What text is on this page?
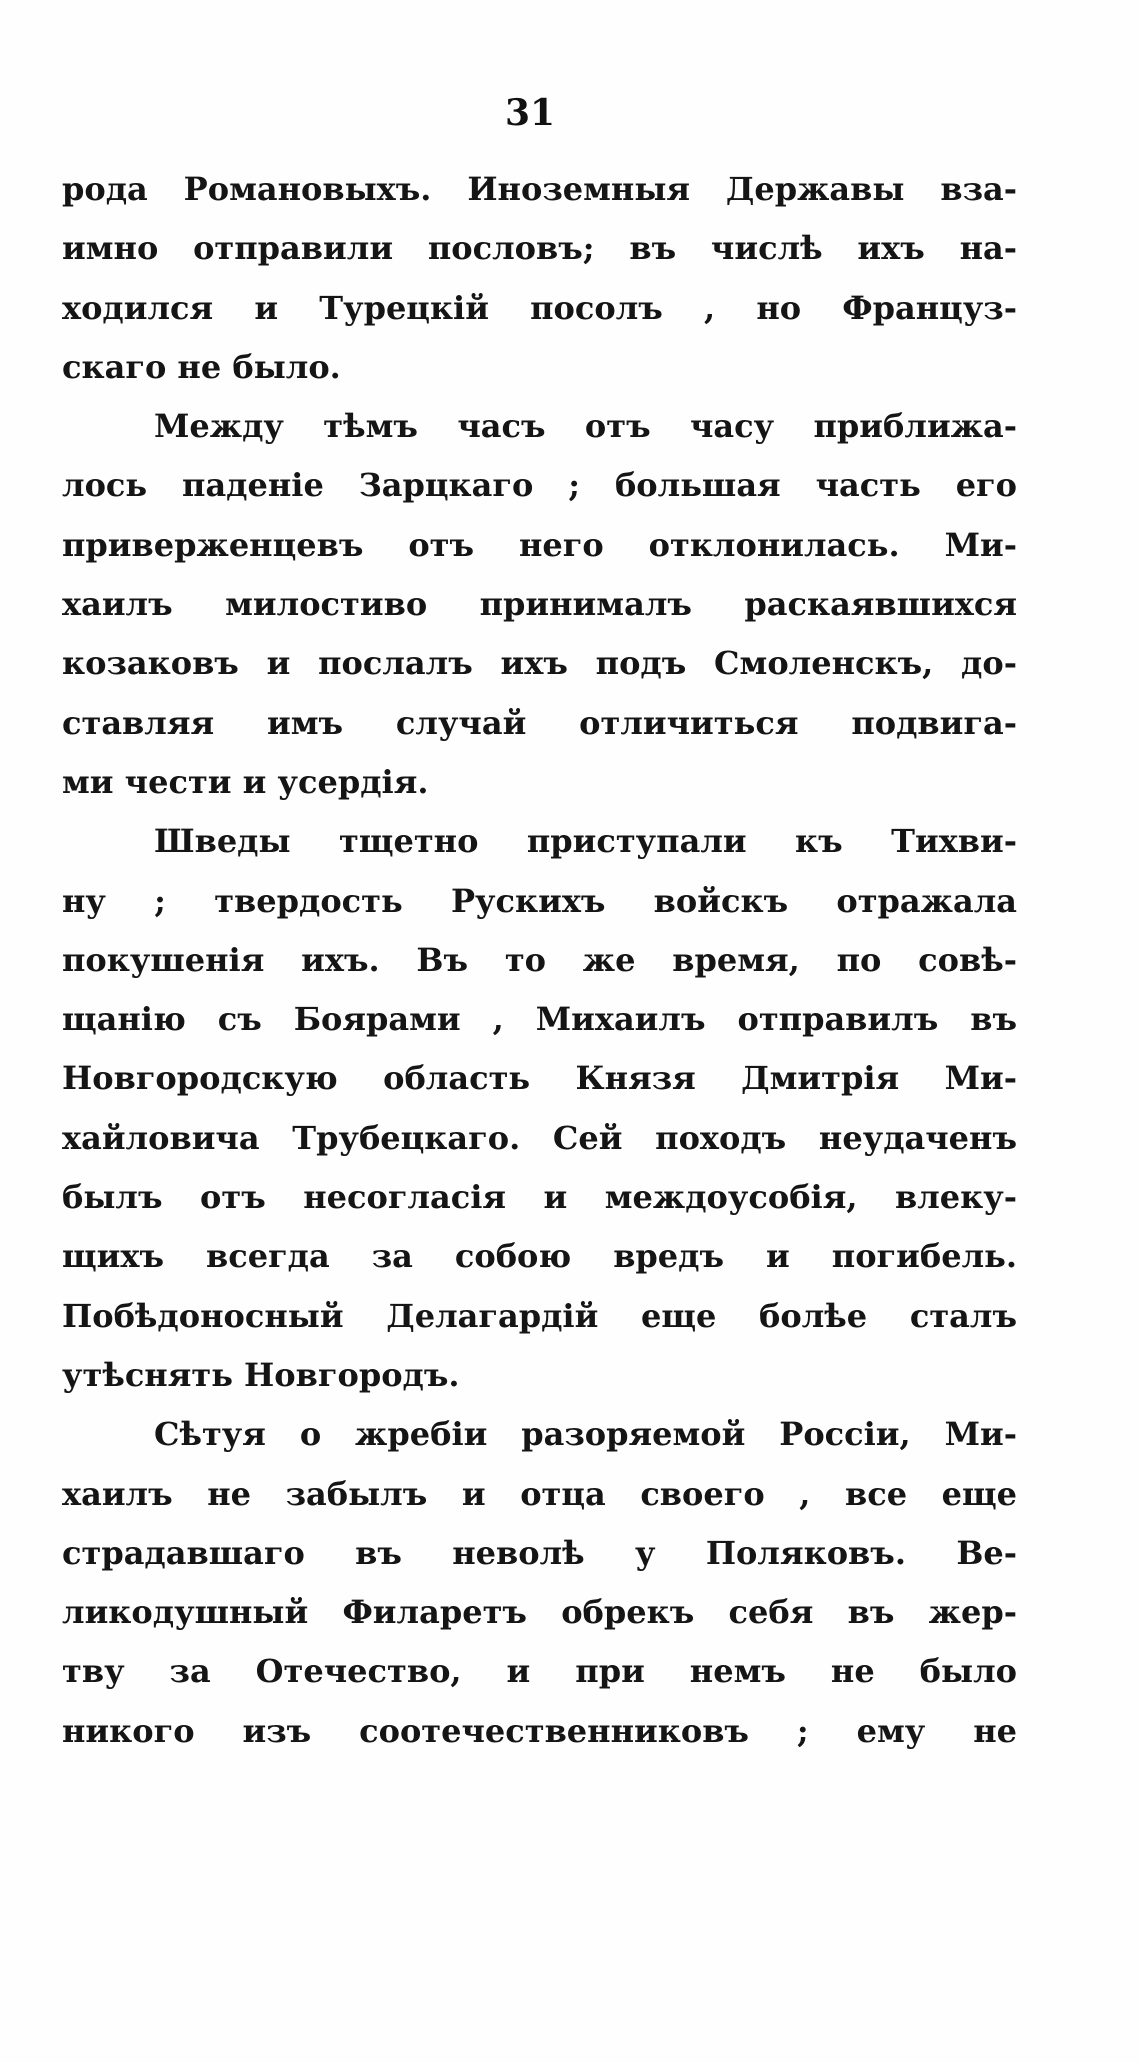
31
рода Романовыхъ. Иноземныя Державы вза-
имно отправили пословъ; въ числѣ ихъ на-
ходился и Турецкій посолъ , но Француз-
скаго не было.
Между тѣмъ часъ отъ часу приближа-
лось паденіе Зарцкаго ; большая часть его
приверженцевъ отъ него отклонилась. Ми-
хаилъ милостиво принималъ раскаявшихся
козаковъ и послалъ ихъ подъ Смоленскъ, до-
ставляя имъ случай отличиться подвига-
ми чести и усердія.
Шведы тщетно приступали къ Тихви-
ну ; твердость Рускихъ войскъ отражала
покушенія ихъ. Въ то же время, по совѣ-
щанію съ Боярами , Михаилъ отправилъ въ
Новгородскую область Князя Дмитрія Ми-
хайловича Трубецкаго. Сей походъ неудаченъ
былъ отъ несогласія и междоусобія, влеку-
щихъ всегда за собою вредъ и погибель.
Побѣдоносный Делагардій еще болѣе сталъ
утѣснять Новгородъ.
Сѣтуя о жребіи разоряемой Россіи, Ми-
хаилъ не забылъ и отца своего , все еще
страдавшаго въ неволѣ у Поляковъ. Ве-
ликодушный Филаретъ обрекъ себя въ жер-
тву за Отечество, и при немъ не было
никого изъ соотечественниковъ ; ему не
